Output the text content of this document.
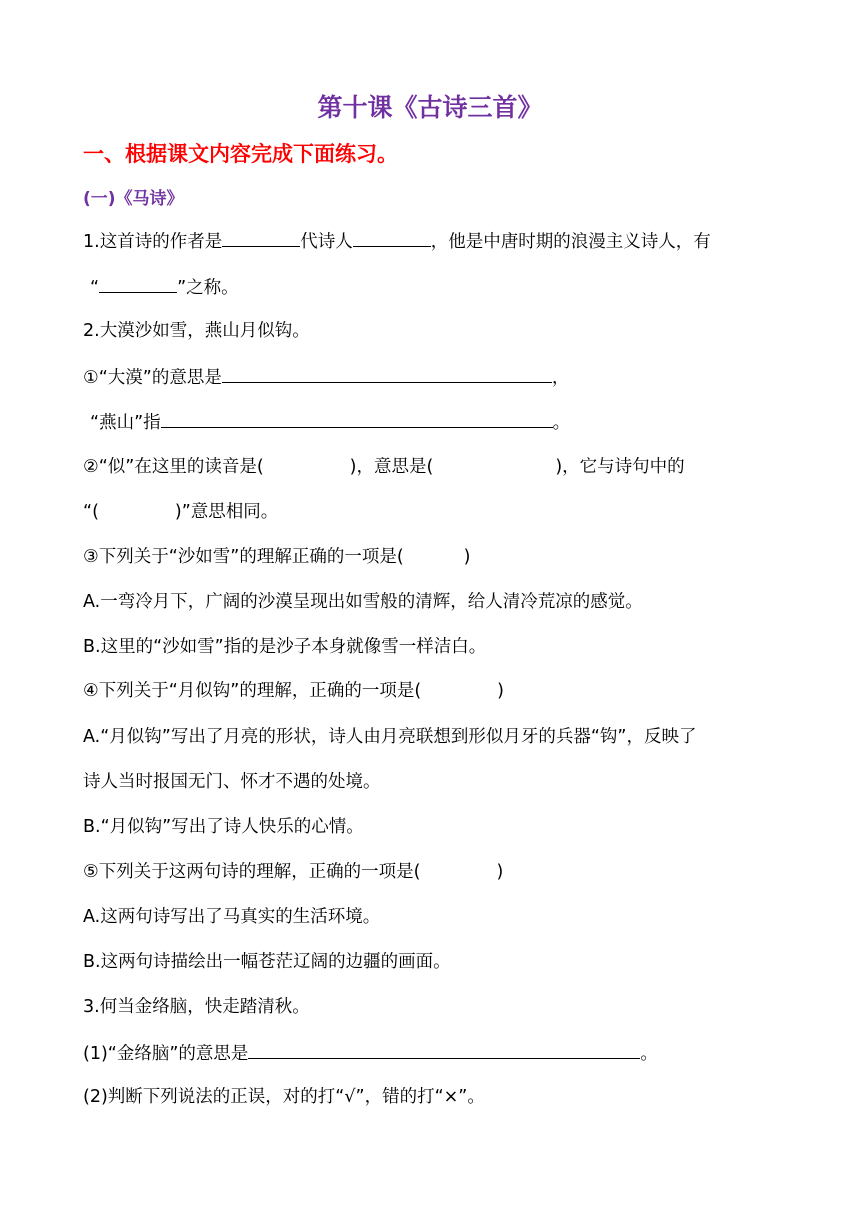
第十课《古诗三首》
一、根据课文内容完成下面练习。
(一)《马诗》
1.这首诗的作者是	代诗人	，他是中唐时期的浪漫主义诗人，有
“	”之称。
2.大漠沙如雪，燕山月似钩。
①“大漠”的意思是	，
“燕山”指	。
②“似”在这里的读音是(	)，意思是(	)，它与诗句中的
“(	)”意思相同。
③下列关于“沙如雪”的理解正确的一项是(	)
A.一弯冷月下，广阔的沙漠呈现出如雪般的清辉，给人清冷荒凉的感觉。
B.这里的“沙如雪”指的是沙子本身就像雪一样洁白。
④下列关于“月似钩”的理解，正确的一项是(	)
A.“月似钩”写出了月亮的形状，诗人由月亮联想到形似月牙的兵器“钩”，反映了
诗人当时报国无门、怀才不遇的处境。
B.“月似钩”写出了诗人快乐的心情。
⑤下列关于这两句诗的理解，正确的一项是(	)
A.这两句诗写出了马真实的生活环境。
B.这两句诗描绘出一幅苍茫辽阔的边疆的画面。
3.何当金络脑，快走踏清秋。
(1)“金络脑”的意思是	。
(2)判断下列说法的正误，对的打“√”，错的打“×”。
